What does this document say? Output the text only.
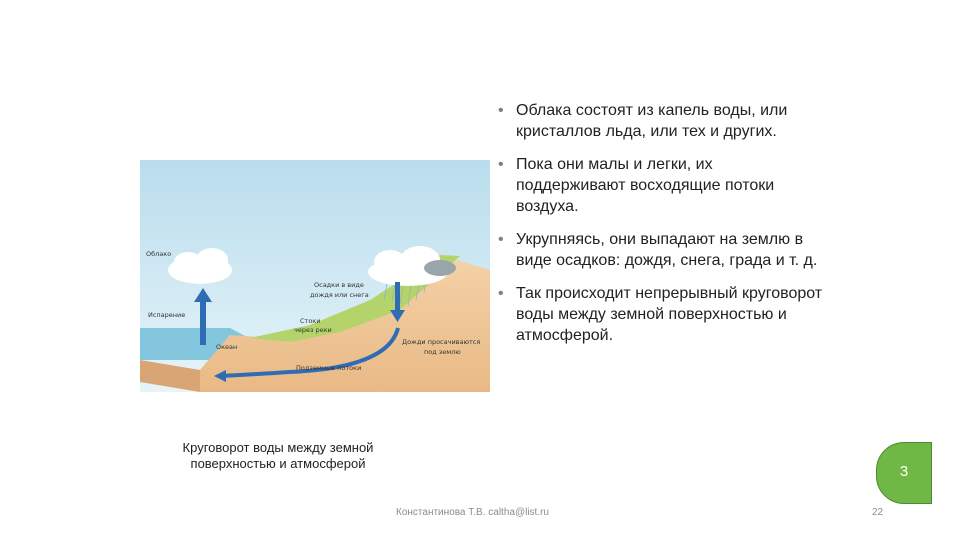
• Облака состоят из капель воды, или кристаллов льда, или тех и других.
• Пока они малы и легки, их поддерживают восходящие потоки воздуха.
• Укрупняясь, они выпадают на землю в виде осадков: дождя, снега, града и т. д.
• Так происходит непрерывный круговорот воды между земной поверхностью и атмосферой.
Облако
Испарение
Океан
Осадки в виде
дождя или снега
Стоки
через реки
Дожди просачиваются
под землю
Подземные потоки
Круговорот воды между земной поверхностью и атмосферой
Константинова Т.В. caltha@list.ru	22
3
